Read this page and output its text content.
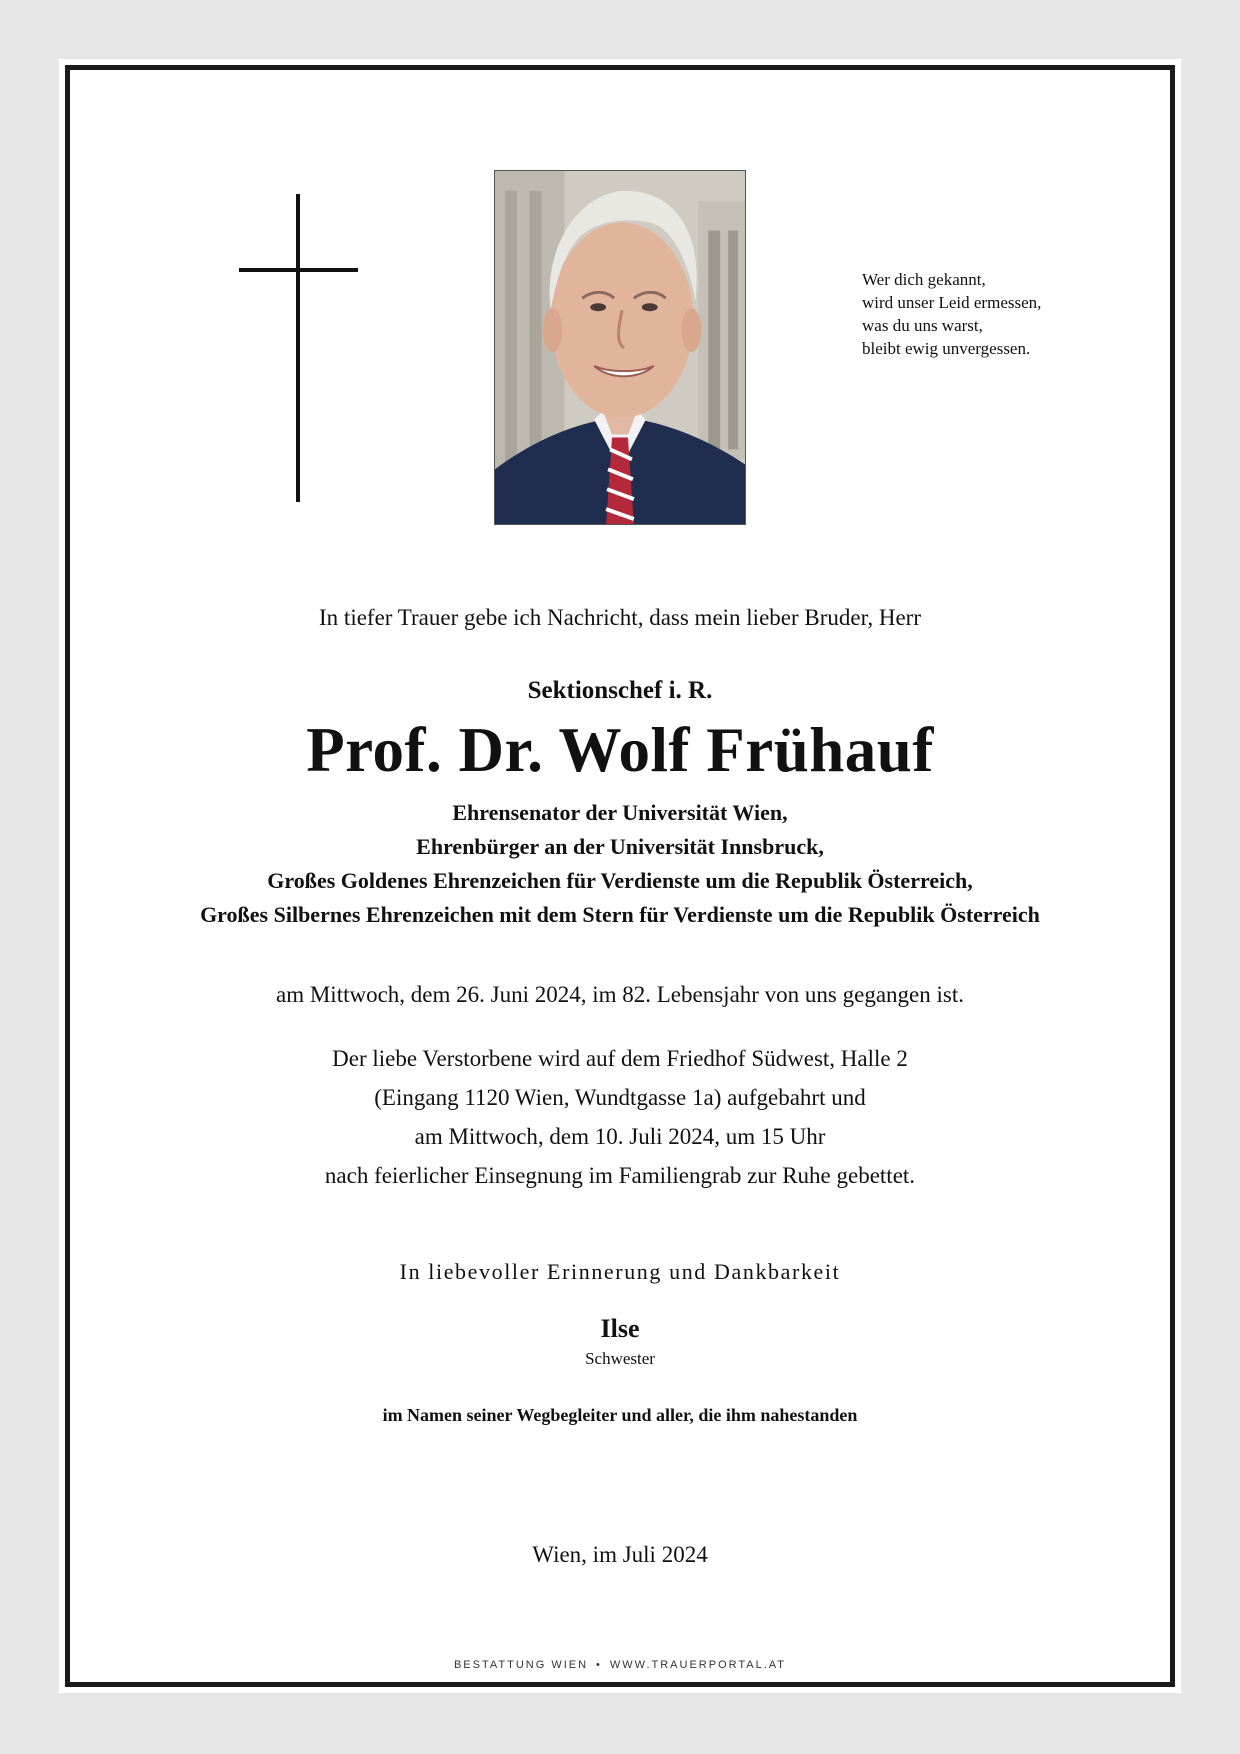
Wer dich gekannt,
wird unser Leid ermessen,
was du uns warst,
bleibt ewig unvergessen.
In tiefer Trauer gebe ich Nachricht, dass mein lieber Bruder, Herr
Sektionschef i. R.
Prof. Dr. Wolf Frühauf
Ehrensenator der Universität Wien,
Ehrenbürger an der Universität Innsbruck,
Großes Goldenes Ehrenzeichen für Verdienste um die Republik Österreich,
Großes Silbernes Ehrenzeichen mit dem Stern für Verdienste um die Republik Österreich
am Mittwoch, dem 26. Juni 2024, im 82. Lebensjahr von uns gegangen ist.
Der liebe Verstorbene wird auf dem Friedhof Südwest, Halle 2
(Eingang 1120 Wien, Wundtgasse 1a) aufgebahrt und
am Mittwoch, dem 10. Juli 2024, um 15 Uhr
nach feierlicher Einsegnung im Familiengrab zur Ruhe gebettet.
In liebevoller Erinnerung und Dankbarkeit
Ilse
Schwester
im Namen seiner Wegbegleiter und aller, die ihm nahestanden
Wien, im Juli 2024
BESTATTUNG WIEN • WWW.TRAUERPORTAL.AT
